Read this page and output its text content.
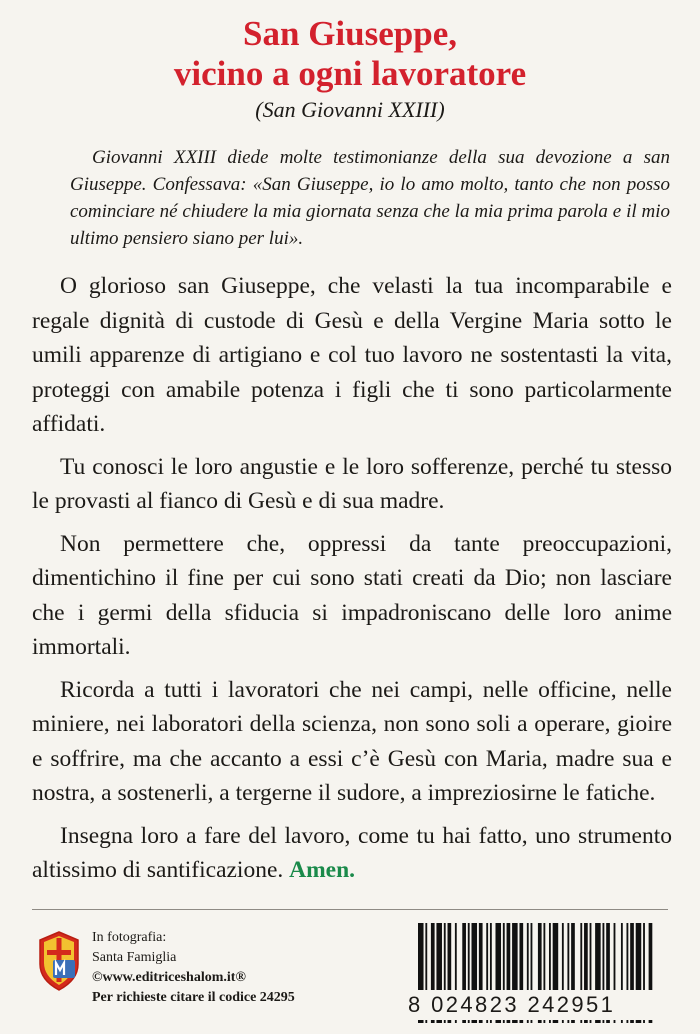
San Giuseppe,
vicino a ogni lavoratore
(San Giovanni XXIII)

Giovanni XXIII diede molte testimonianze della sua devozione a san Giuseppe. Confessava: «San Giuseppe, io lo amo molto, tanto che non posso cominciare né chiudere la mia giornata senza che la mia prima parola e il mio ultimo pensiero siano per lui».

O glorioso san Giuseppe, che velasti la tua incomparabile e regale dignità di custode di Gesù e della Vergine Maria sotto le umili apparenze di artigiano e col tuo lavoro ne sostentasti la vita, proteggi con amabile potenza i figli che ti sono particolarmente affidati.

Tu conosci le loro angustie e le loro sofferenze, perché tu stesso le provasti al fianco di Gesù e di sua madre.

Non permettere che, oppressi da tante preoccupazioni, dimentichino il fine per cui sono stati creati da Dio; non lasciare che i germi della sfiducia si impadroniscano delle loro anime immortali.

Ricorda a tutti i lavoratori che nei campi, nelle officine, nelle miniere, nei laboratori della scienza, non sono soli a operare, gioire e soffrire, ma che accanto a essi c’è Gesù con Maria, madre sua e nostra, a sostenerli, a tergerne il sudore, a impreziosirne le fatiche.

Insegna loro a fare del lavoro, come tu hai fatto, uno strumento altissimo di santificazione. Amen.

In fotografia:
Santa Famiglia
©www.editriceshalom.it®
Per richieste citare il codice 24295	8 024823 242951
